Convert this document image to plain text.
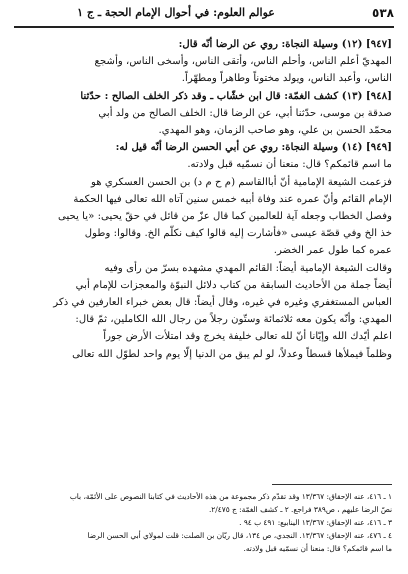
٥٣٨
عوالم العلوم: في أحوال الإمام الحجة ـ ج ١
[٩٤٧] (١٢) وسيلة النجاة: روي عن الرضا أنّه قال:
المهديّ أعلم الناس، وأحلم الناس، وأتقى الناس، وأسخى الناس، وأشجع
الناس، وأعبد الناس، ويولد مختوناً وطاهراً ومطهّراً.
[٩٤٨] (١٣) كشف الغمّة: قال ابن خشّاب ـ وقد ذكر الخلف الصالح : حدّثنا
صدقة بن موسى، حدّثنا أبي، عن الرضا قال: الخلف الصالح من ولد أبي
محمّد الحسن بن علي، وهو صاحب الزمان، وهو المهدي.
[٩٤٩] (١٤) وسيلة النجاة: روي عن أبي الحسن الرضا أنّه قيل له:
ما اسم قائمكم؟ قال: منعنا أن نسمّيه قبل ولادته.
فزعمت الشيعة الإمامية أنّ أباالقاسم (م ح م د) بن الحسن العسكري هو
الإمام القائم وأنّ عمره عند وفاة أبيه خمس سنين آتاه الله تعالى فيها الحكمة
وفصل الخطاب وجعله آية للعالمين كما قال عزّ من قائل في حقّ يحيى: «يا يحيى
خذ الخ وفي قصّة عيسى «فأشارت إليه قالوا كيف نكلّم الخ. وقالوا: وطول
عمره كما طول عمر الخضر.
وقالت الشيعة الإمامية أيضاً: القائم المهدي مشهده بسرّ من رأى وفيه
أيضاً جملة من الأحاديث السابقة من كتاب دلائل النبوّة والمعجزات للإمام أبي
العباس المستغفري وغيره في غيره، وقال أيضاً: قال بعض خبراء العارفين في ذكر
المهدي: وأنّه يكون معه ثلاثمائة وستّون رجلاً من رجال الله الكاملين، ثمّ قال:
اعلم أيّدك الله وإيّانا أنّ لله تعالى خليفة يخرج وقد امتلأت الأرض جوراً
وظلماً فيملأها قسطاً وعدلاً، لو لم يبق من الدنيا إلّا يوم واحد لطوّل الله تعالى
١ ـ ٤١٦، عنه الإحقاق: ١٣/٣٦٧ وقد تقدّم ذكر مجموعة من هذه الأحاديث في كتابنا النصوص على الأئمّة، باب
نصّ الرضا عليهم ، ص٣٨٩ فراجع. ٢ ـ كشف الغمّة: ج ٢/٤٧٥.
٣ ـ ٤١٦، عنه الإحقاق: ١٣/٣٦٧ الينابيع: ٤٩١ ب ٩٤ .
٤ ـ ٤٧٦، عنه الإحقاق: ١٣/٣٦٧. النجدي، ص ١٣٤، قال ريّان بن الصلت: قلت لمولاي أبي الحسن الرضا
ما اسم قائمكم؟ قال: منعنا أن نسمّيه قبل ولادته.
